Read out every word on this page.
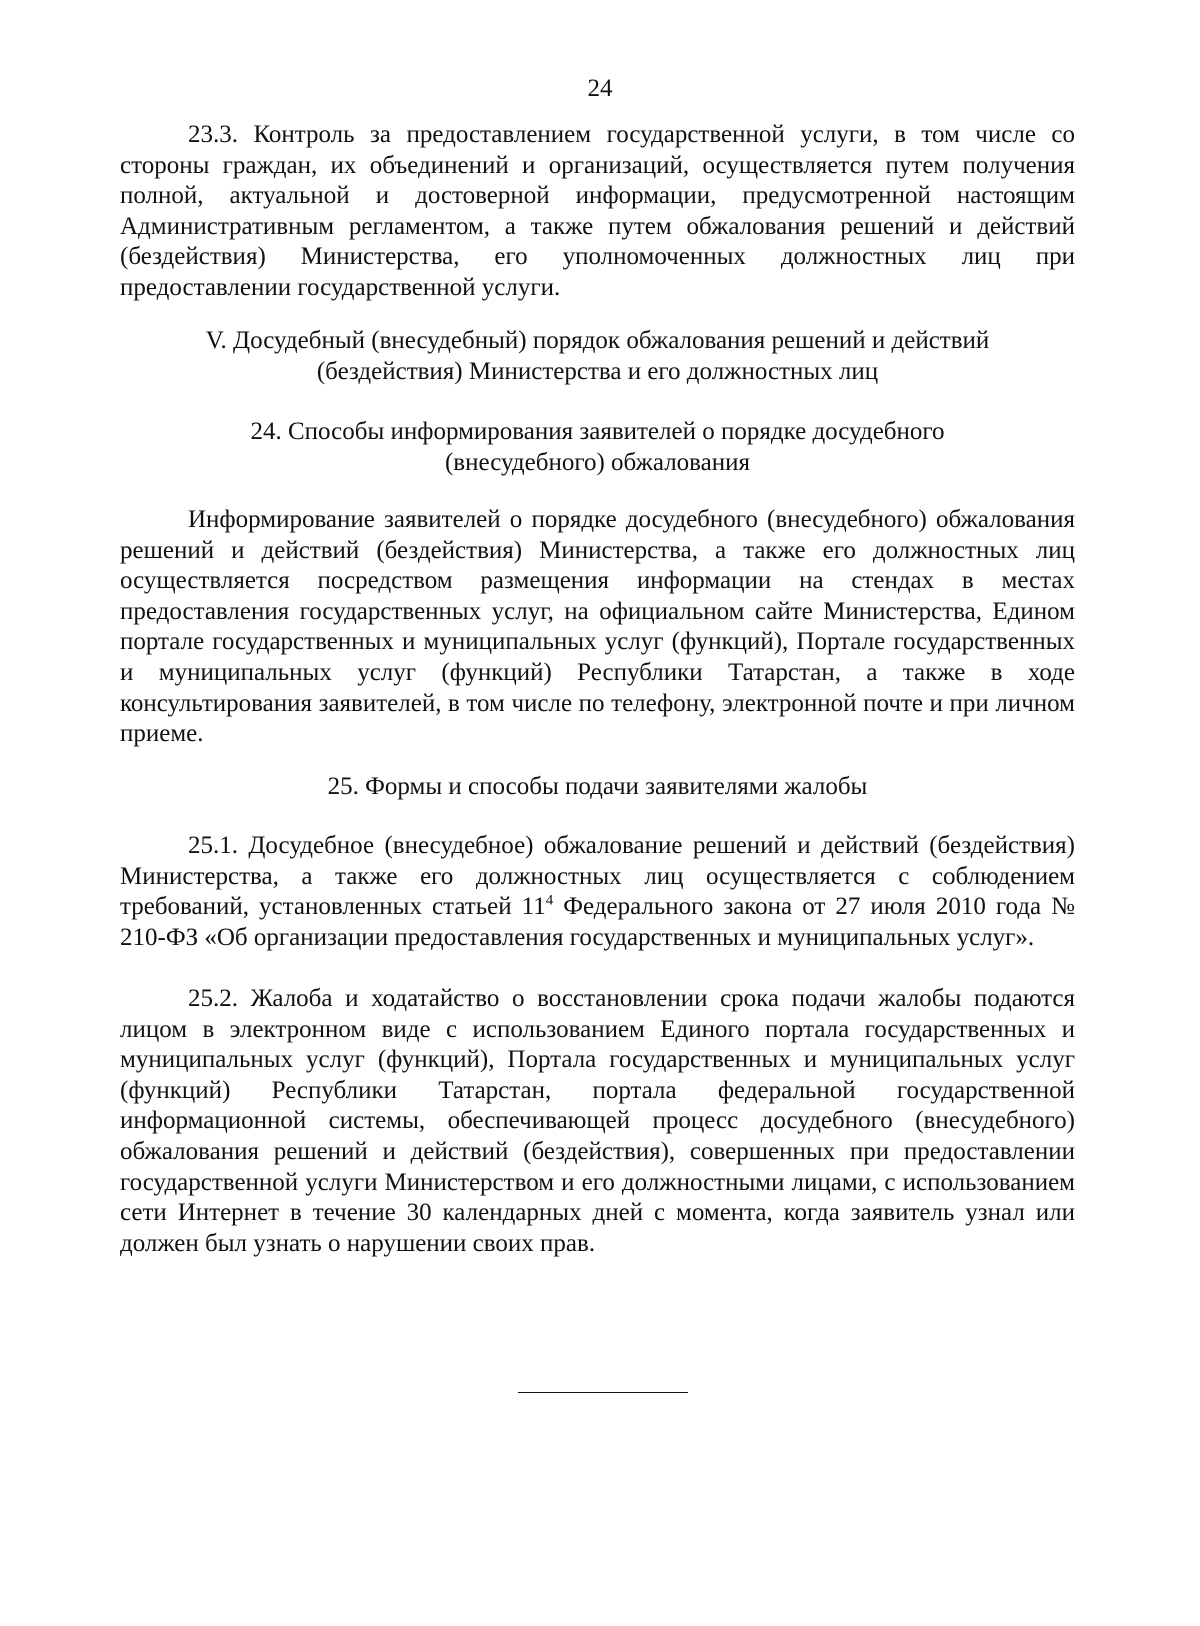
24

23.3. Контроль за предоставлением государственной услуги, в том числе со стороны граждан, их объединений и организаций, осуществляется путем получения полной, актуальной и достоверной информации, предусмотренной настоящим Административным регламентом, а также путем обжалования решений и действий (бездействия) Министерства, его уполномоченных должностных лиц при предоставлении государственной услуги.

V. Досудебный (внесудебный) порядок обжалования решений и действий
(бездействия) Министерства и его должностных лиц
24. Способы информирования заявителей о порядке досудебного
(внесудебного) обжалования

Информирование заявителей о порядке досудебного (внесудебного) обжалования решений и действий (бездействия) Министерства, а также его должностных лиц осуществляется посредством размещения информации на стендах в местах предоставления государственных услуг, на официальном сайте Министерства, Едином портале государственных и муниципальных услуг (функций), Портале государственных и муниципальных услуг (функций) Республики Татарстан, а также в ходе консультирования заявителей, в том числе по телефону, электронной почте и при личном приеме.

25. Формы и способы подачи заявителями жалобы

25.1. Досудебное (внесудебное) обжалование решений и действий (бездействия) Министерства, а также его должностных лиц осуществляется с соблюдением требований, установленных статьей $11^4$ Федерального закона от 27 июля 2010 года № 210-ФЗ «Об организации предоставления государственных и муниципальных услуг».

25.2. Жалоба и ходатайство о восстановлении срока подачи жалобы подаются лицом в электронном виде с использованием Единого портала государственных и муниципальных услуг (функций), Портала государственных и муниципальных услуг (функций) Республики Татарстан, портала федеральной государственной информационной системы, обеспечивающей процесс досудебного (внесудебного) обжалования решений и действий (бездействия), совершенных при предоставлении государственной услуги Министерством и его должностными лицами, с использованием сети Интернет в течение 30 календарных дней с момента, когда заявитель узнал или должен был узнать о нарушении своих прав.
